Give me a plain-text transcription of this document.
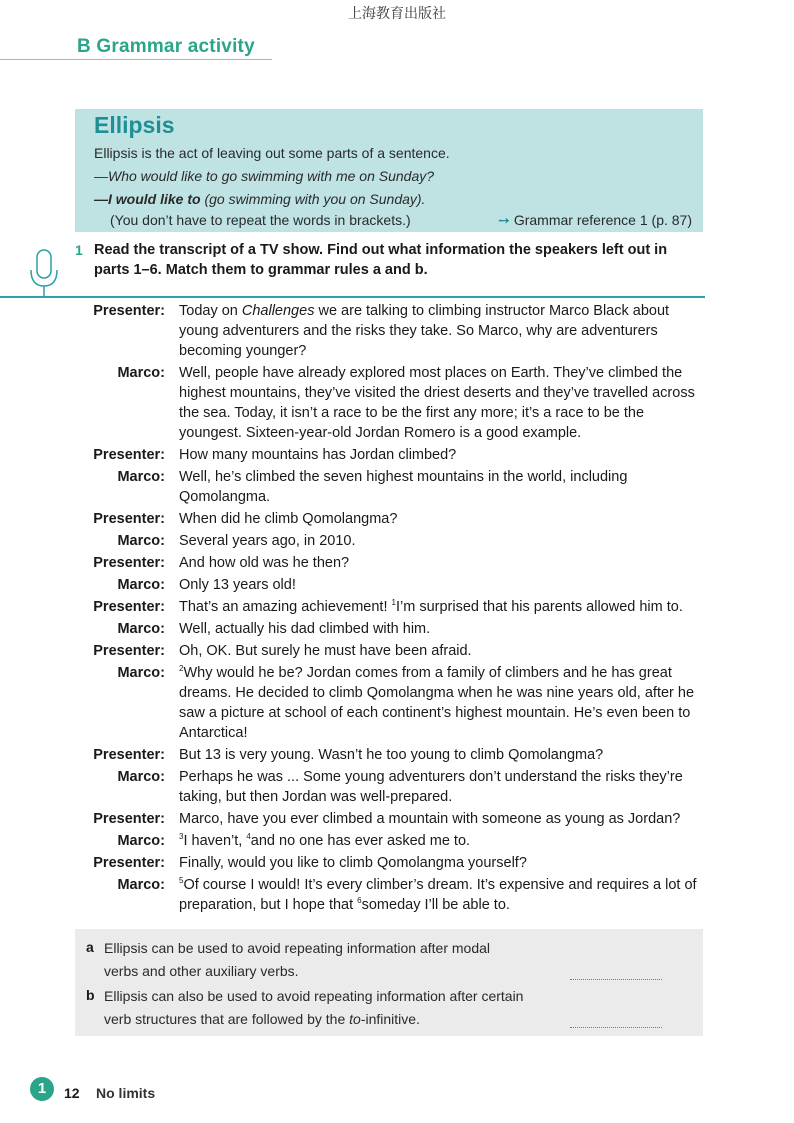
上海教育出版社
B Grammar activity
Ellipsis
Ellipsis is the act of leaving out some parts of a sentence.
—Who would like to go swimming with me on Sunday?
—I would like to (go swimming with you on Sunday).
(You don’t have to repeat the words in brackets.)	➙ Grammar reference 1 (p. 87)
1 Read the transcript of a TV show. Find out what information the speakers left out in parts 1–6. Match them to grammar rules a and b.
Presenter: Today on Challenges we are talking to climbing instructor Marco Black about young adventurers and the risks they take. So Marco, why are adventurers becoming younger?
Marco: Well, people have already explored most places on Earth. They’ve climbed the highest mountains, they’ve visited the driest deserts and they’ve travelled across the sea. Today, it isn’t a race to be the first any more; it’s a race to be the youngest. Sixteen-year-old Jordan Romero is a good example.
Presenter: How many mountains has Jordan climbed?
Marco: Well, he’s climbed the seven highest mountains in the world, including Qomolangma.
Presenter: When did he climb Qomolangma?
Marco: Several years ago, in 2010.
Presenter: And how old was he then?
Marco: Only 13 years old!
Presenter: That’s an amazing achievement! $^1$I’m surprised that his parents allowed him to.
Marco: Well, actually his dad climbed with him.
Presenter: Oh, OK. But surely he must have been afraid.
Marco: $^2$Why would he be? Jordan comes from a family of climbers and he has great dreams. He decided to climb Qomolangma when he was nine years old, after he saw a picture at school of each continent’s highest mountain. He’s even been to Antarctica!
Presenter: But 13 is very young. Wasn’t he too young to climb Qomolangma?
Marco: Perhaps he was ... Some young adventurers don’t understand the risks they’re taking, but then Jordan was well-prepared.
Presenter: Marco, have you ever climbed a mountain with someone as young as Jordan?
Marco: $^3$I haven’t, $^4$and no one has ever asked me to.
Presenter: Finally, would you like to climb Qomolangma yourself?
Marco: $^5$Of course I would! It’s every climber’s dream. It’s expensive and requires a lot of preparation, but I hope that $^6$someday I’ll be able to.
a Ellipsis can be used to avoid repeating information after modal verbs and other auxiliary verbs.
b Ellipsis can also be used to avoid repeating information after certain verb structures that are followed by the to-infinitive.
1	12 No limits
